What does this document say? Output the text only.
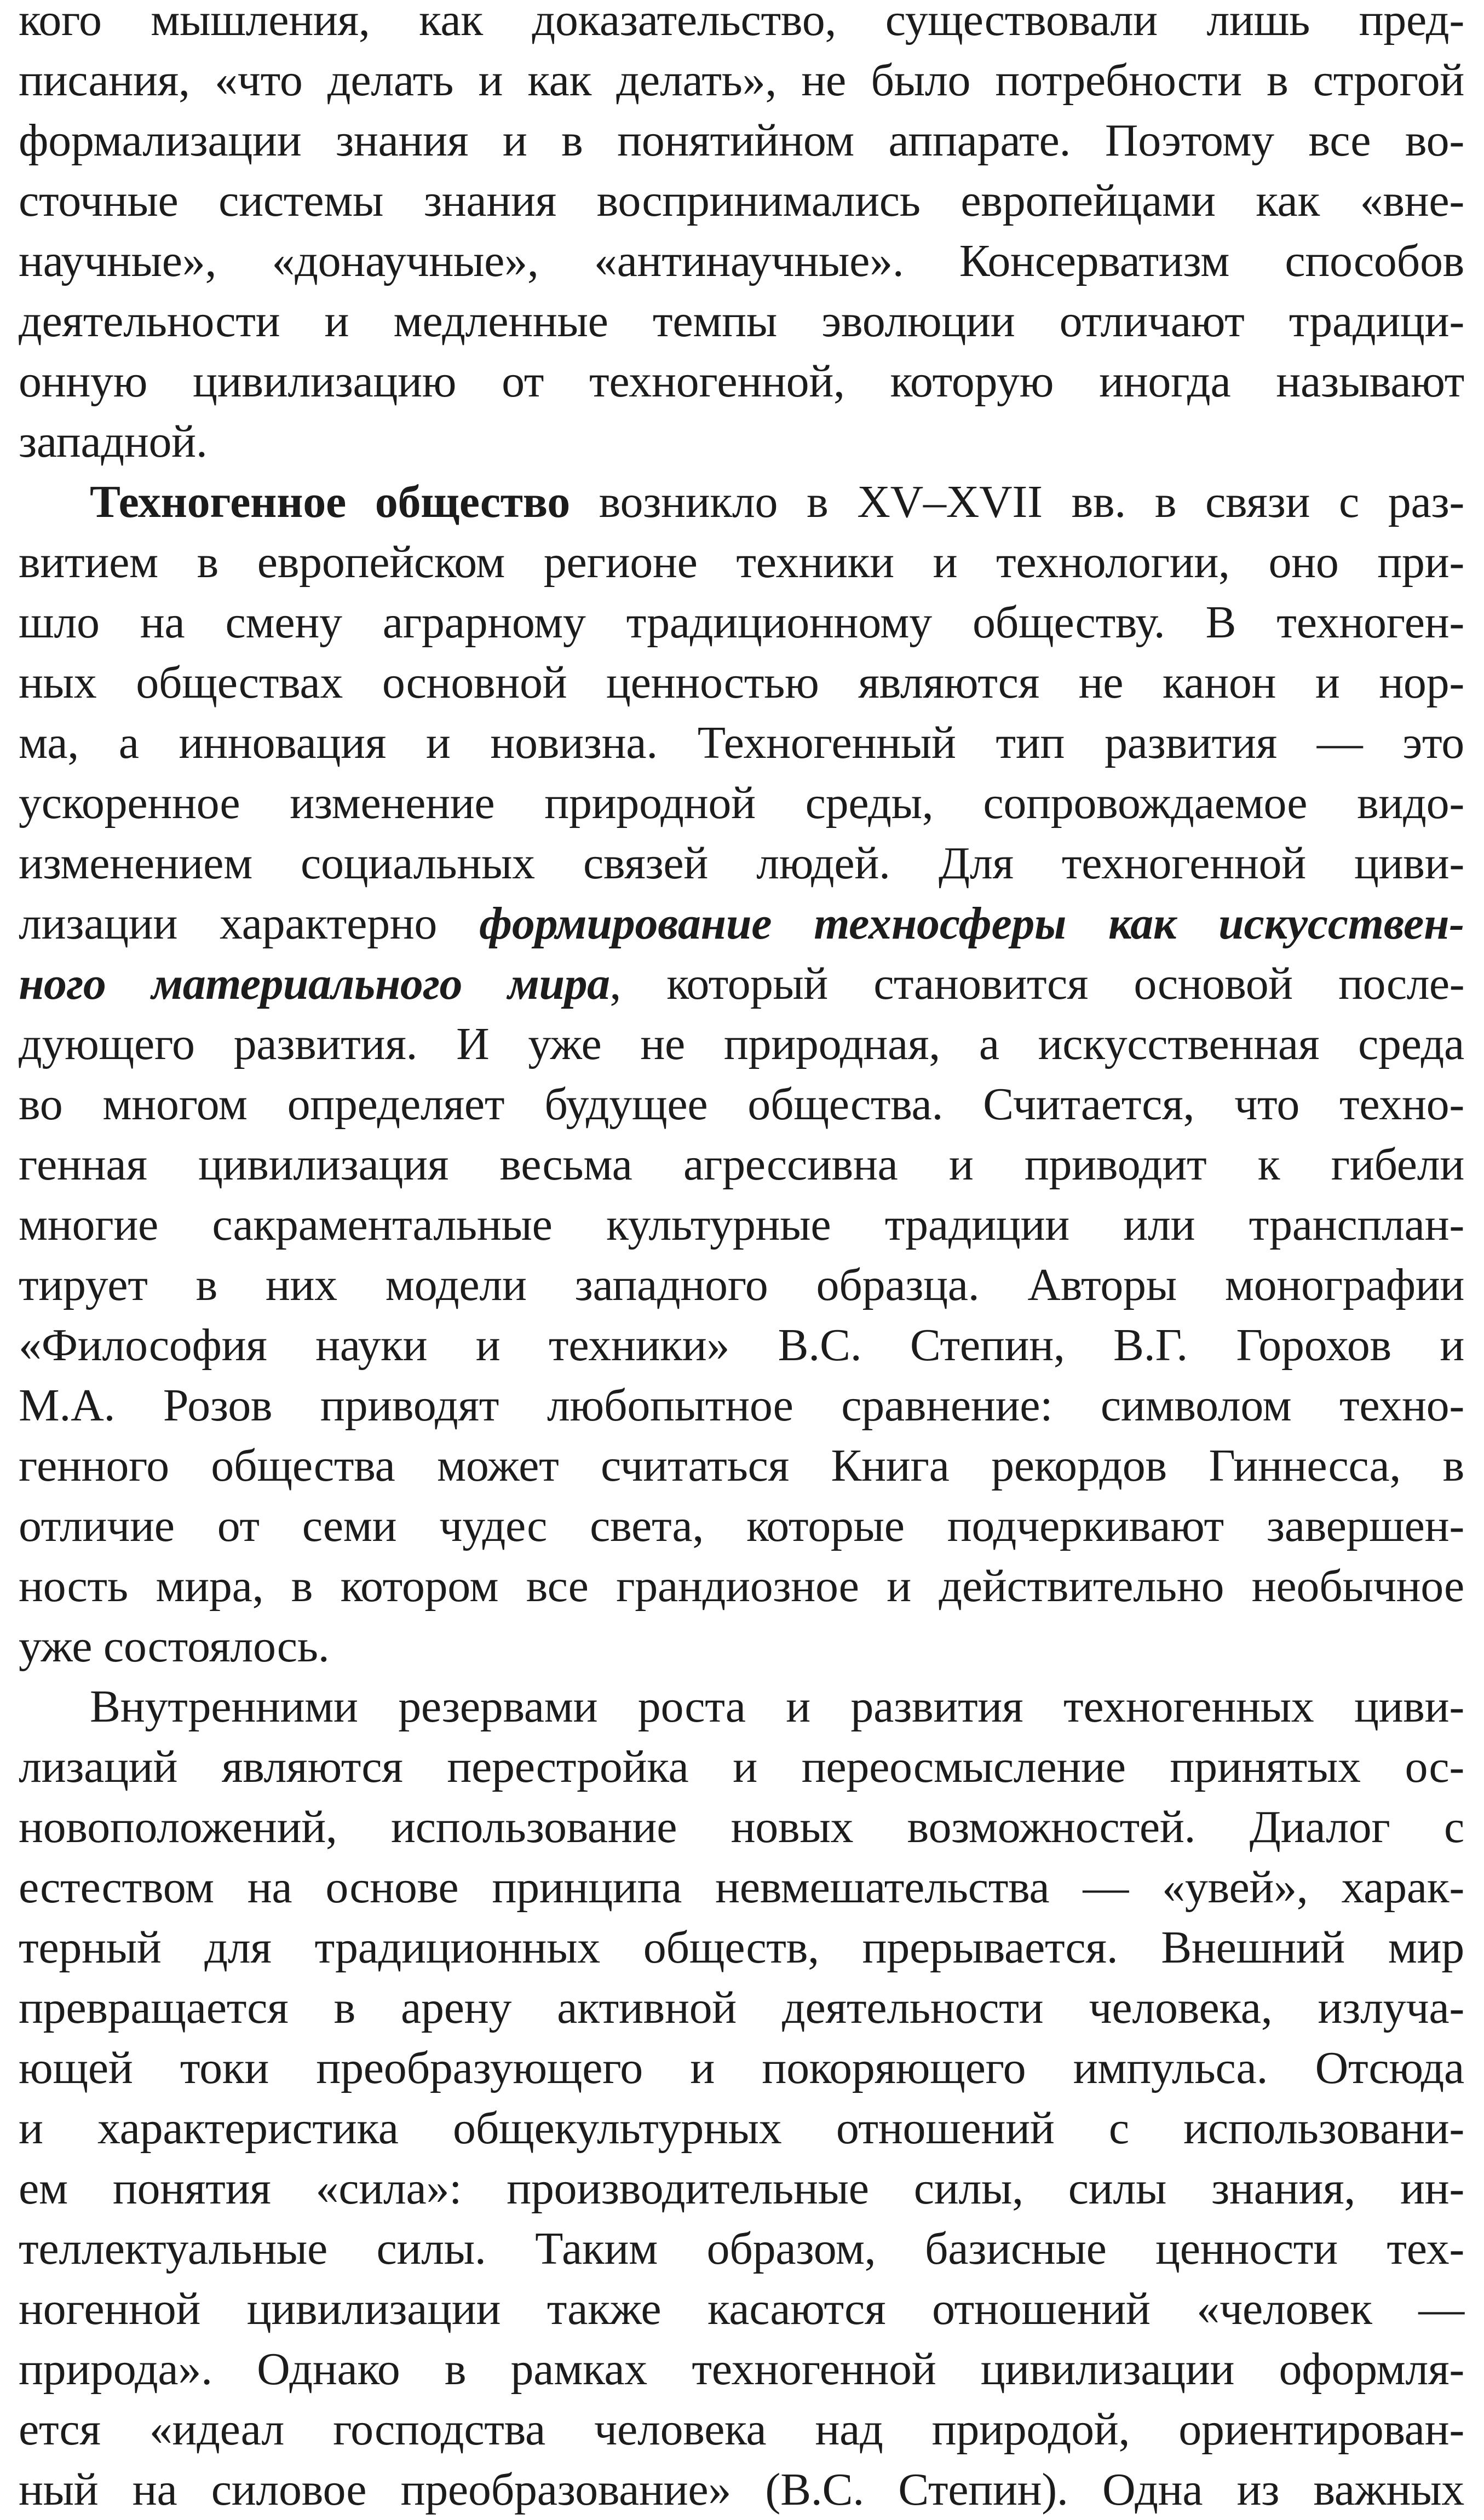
кого мышления, как доказательство, существовали лишь пред-
писания, «что делать и как делать», не было потребности в строгой
формализации знания и в понятийном аппарате. Поэтому все во-
сточные системы знания воспринимались европейцами как «вне-
научные», «донаучные», «антинаучные». Консерватизм способов
деятельности и медленные темпы эволюции отличают традици-
онную цивилизацию от техногенной, которую иногда называют
западной.
Техногенное общество возникло в XV–XVII вв. в связи с раз-
витием в европейском регионе техники и технологии, оно при-
шло на смену аграрному традиционному обществу. В техноген-
ных обществах основной ценностью являются не канон и нор-
ма, а инновация и новизна. Техногенный тип развития — это
ускоренное изменение природной среды, сопровождаемое видо-
изменением социальных связей людей. Для техногенной циви-
лизации характерно формирование техносферы как искусствен-
ного материального мира, который становится основой после-
дующего развития. И уже не природная, а искусственная среда
во многом определяет будущее общества. Считается, что техно-
генная цивилизация весьма агрессивна и приводит к гибели
многие сакраментальные культурные традиции или трансплан-
тирует в них модели западного образца. Авторы монографии
«Философия науки и техники» В.С. Степин, В.Г. Горохов и
М.А. Розов приводят любопытное сравнение: символом техно-
генного общества может считаться Книга рекордов Гиннесса, в
отличие от семи чудес света, которые подчеркивают завершен-
ность мира, в котором все грандиозное и действительно необычное
уже состоялось.
Внутренними резервами роста и развития техногенных циви-
лизаций являются перестройка и переосмысление принятых ос-
новоположений, использование новых возможностей. Диалог с
естеством на основе принципа невмешательства — «увей», харак-
терный для традиционных обществ, прерывается. Внешний мир
превращается в арену активной деятельности человека, излуча-
ющей токи преобразующего и покоряющего импульса. Отсюда
и характеристика общекультурных отношений с использовани-
ем понятия «сила»: производительные силы, силы знания, ин-
теллектуальные силы. Таким образом, базисные ценности тех-
ногенной цивилизации также касаются отношений «человек —
природа». Однако в рамках техногенной цивилизации оформля-
ется «идеал господства человека над природой, ориентирован-
ный на силовое преобразование» (В.С. Степин). Одна из важных
